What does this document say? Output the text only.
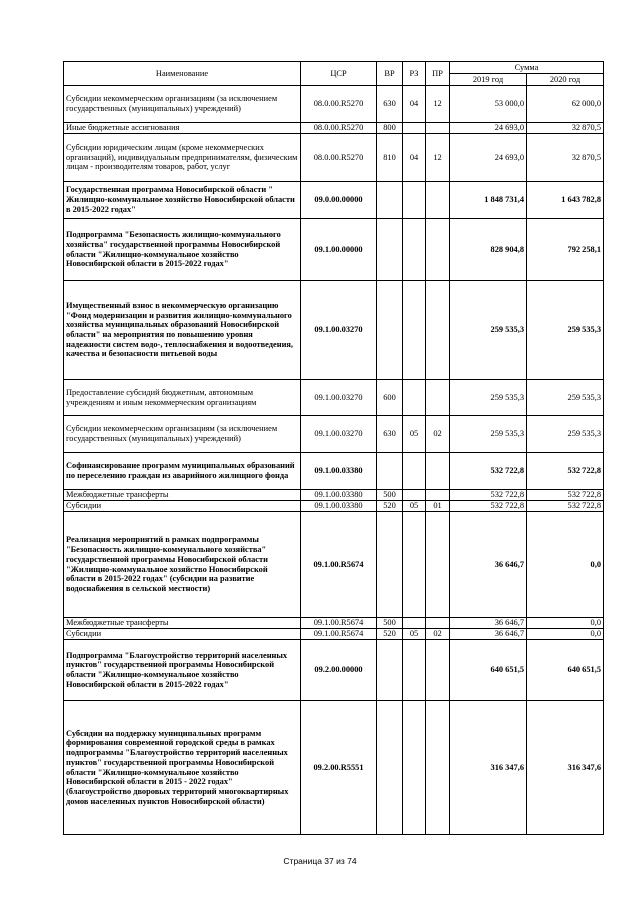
Наименование	ЦСР	ВР	РЗ	ПР	Сумма	
					2019 год	2020 год
Субсидии некоммерческим организациям (за исключением государственных (муниципальных) учреждений)	08.0.00.R5270	630	04	12	53 000,0	62 000,0
Иные бюджетные ассигнования	08.0.00.R5270	800			24 693,0	32 870,5
Субсидии юридическим лицам (кроме некоммерческих организаций), индивидуальным предпринимателям, физическим лицам - производителям товаров, работ, услуг	08.0.00.R5270	810	04	12	24 693,0	32 870,5
Государственная программа Новосибирской области " Жилищно-коммунальное хозяйство Новосибирской области в 2015-2022 годах"	09.0.00.00000				1 848 731,4	1 643 782,8
Подпрограмма "Безопасность жилищно-коммунального хозяйства" государственной программы Новосибирской области "Жилищно-коммунальное хозяйство Новосибирской области в 2015-2022 годах"	09.1.00.00000				828 904,8	792 258,1
Имущественный взнос в некоммерческую организацию "Фонд модернизации и развития жилищно-коммунального хозяйства муниципальных образований Новосибирской области" на мероприятия по повышению уровня надежности систем водо-, теплоснабжения и водоотведения, качества и безопасности питьевой воды	09.1.00.03270				259 535,3	259 535,3
Предоставление субсидий бюджетным, автономным учреждениям и иным некоммерческим организациям	09.1.00.03270	600			259 535,3	259 535,3
Субсидии некоммерческим организациям (за исключением государственных (муниципальных) учреждений)	09.1.00.03270	630	05	02	259 535,3	259 535,3
Софинансирование программ муниципальных образований по переселению граждан из аварийного жилищного фонда	09.1.00.03380				532 722,8	532 722,8
Межбюджетные трансферты	09.1.00.03380	500			532 722,8	532 722,8
Субсидии	09.1.00.03380	520	05	01	532 722,8	532 722,8
Реализация мероприятий в рамках подпрограммы "Безопасность жилищно-коммунального хозяйства" государственной программы Новосибирской области "Жилищно-коммунальное хозяйство Новосибирской области в 2015-2022 годах" (субсидии на развитие водоснабжения в сельской местности)	09.1.00.R5674				36 646,7	0,0
Межбюджетные трансферты	09.1.00.R5674	500			36 646,7	0,0
Субсидии	09.1.00.R5674	520	05	02	36 646,7	0,0
Подпрограмма "Благоустройство территорий населенных пунктов" государственной программы Новосибирской области "Жилищно-коммунальное хозяйство Новосибирской области в 2015-2022 годах"	09.2.00.00000				640 651,5	640 651,5
Субсидии на поддержку муниципальных программ формирования современной городской среды в рамках подпрограммы "Благоустройство территорий населенных пунктов" государственной программы Новосибирской области "Жилищно-коммунальное хозяйство Новосибирской области в 2015 - 2022 годах" (благоустройство дворовых территорий многоквартирных домов населенных пунктов Новосибирской области)	09.2.00.R5551				316 347,6	316 347,6
Страница 37 из 74
